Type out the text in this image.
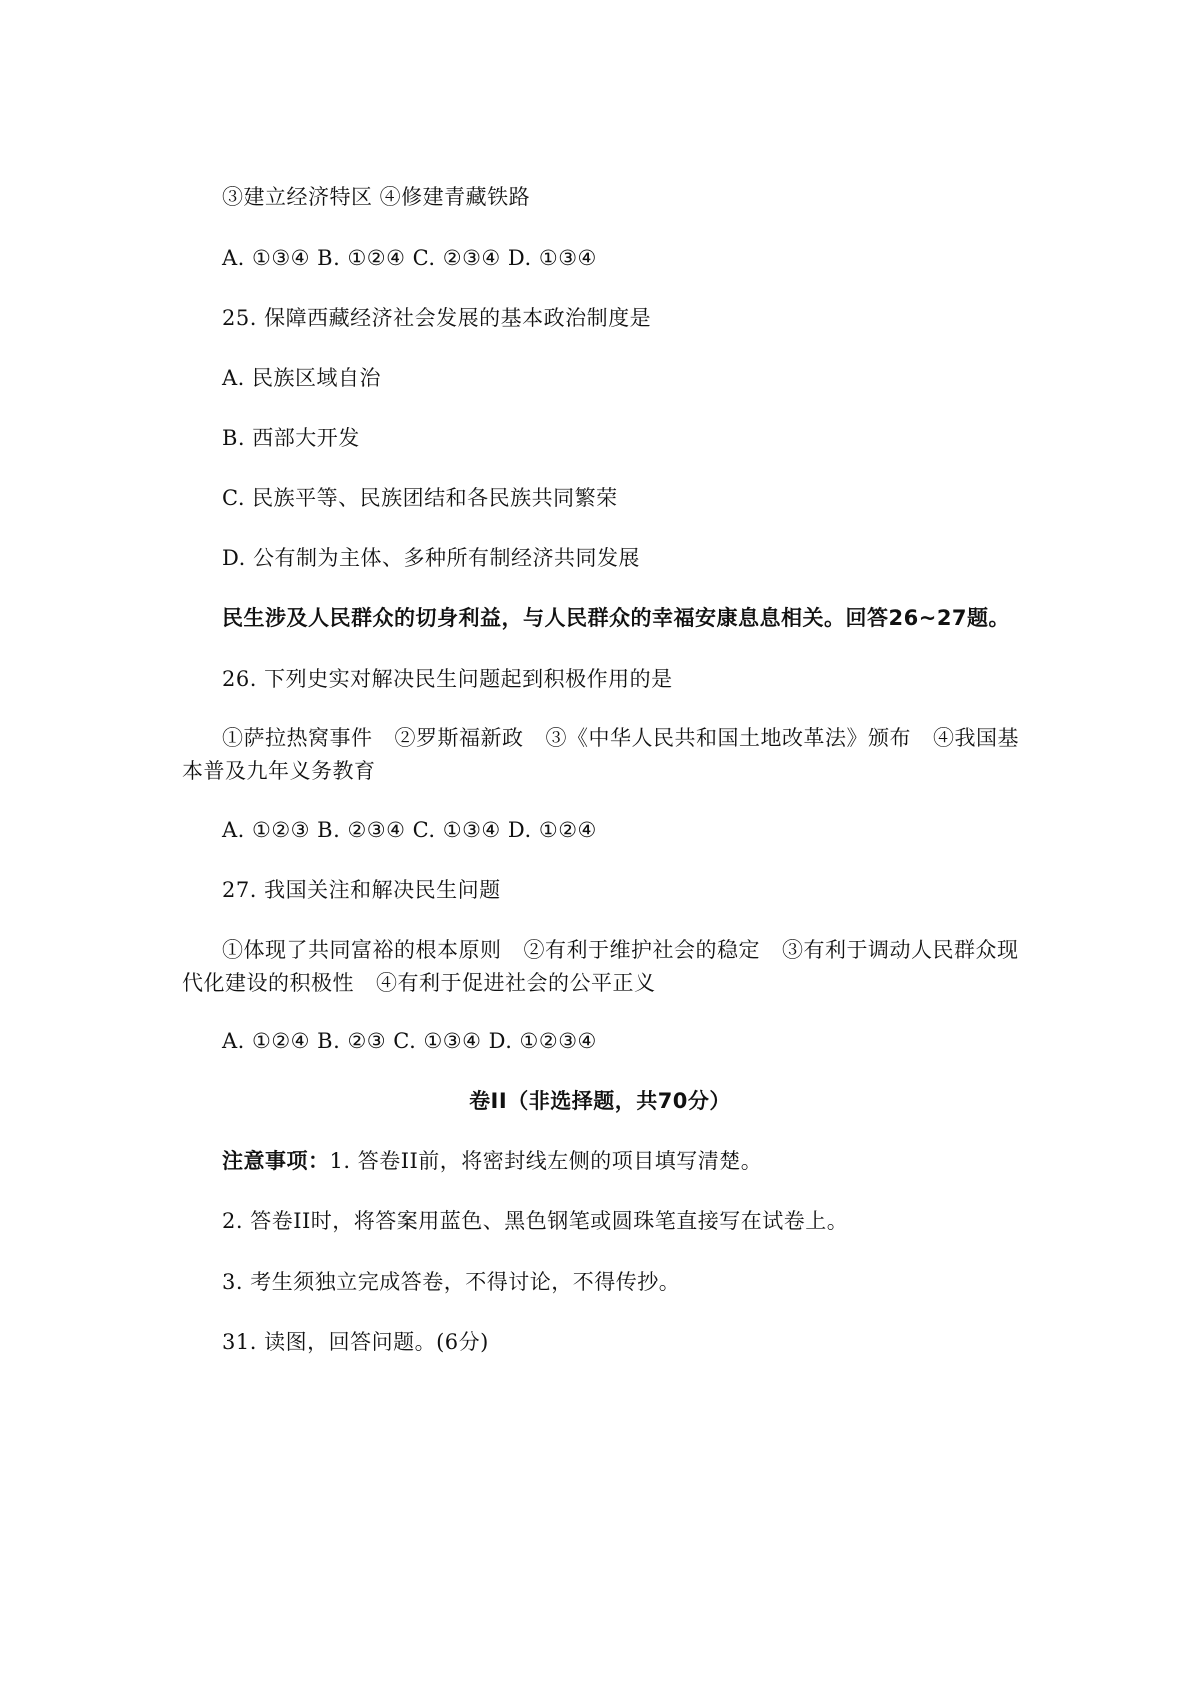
③建立经济特区 ④修建青藏铁路
A. ①③④ B. ①②④ C. ②③④ D. ①③④
25. 保障西藏经济社会发展的基本政治制度是
A. 民族区域自治
B. 西部大开发
C. 民族平等、民族团结和各民族共同繁荣
D. 公有制为主体、多种所有制经济共同发展
民生涉及人民群众的切身利益，与人民群众的幸福安康息息相关。回答26~27题。
26. 下列史实对解决民生问题起到积极作用的是
①萨拉热窝事件 ②罗斯福新政 ③《中华人民共和国土地改革法》颁布 ④我国基本普及九年义务教育
A. ①②③ B. ②③④ C. ①③④ D. ①②④
27. 我国关注和解决民生问题
①体现了共同富裕的根本原则 ②有利于维护社会的稳定 ③有利于调动人民群众现代化建设的积极性 ④有利于促进社会的公平正义
A. ①②④ B. ②③ C. ①③④ D. ①②③④
卷II（非选择题，共70分）
注意事项：1. 答卷II前，将密封线左侧的项目填写清楚。
2. 答卷II时，将答案用蓝色、黑色钢笔或圆珠笔直接写在试卷上。
3. 考生须独立完成答卷，不得讨论，不得传抄。
31. 读图，回答问题。(6分)
